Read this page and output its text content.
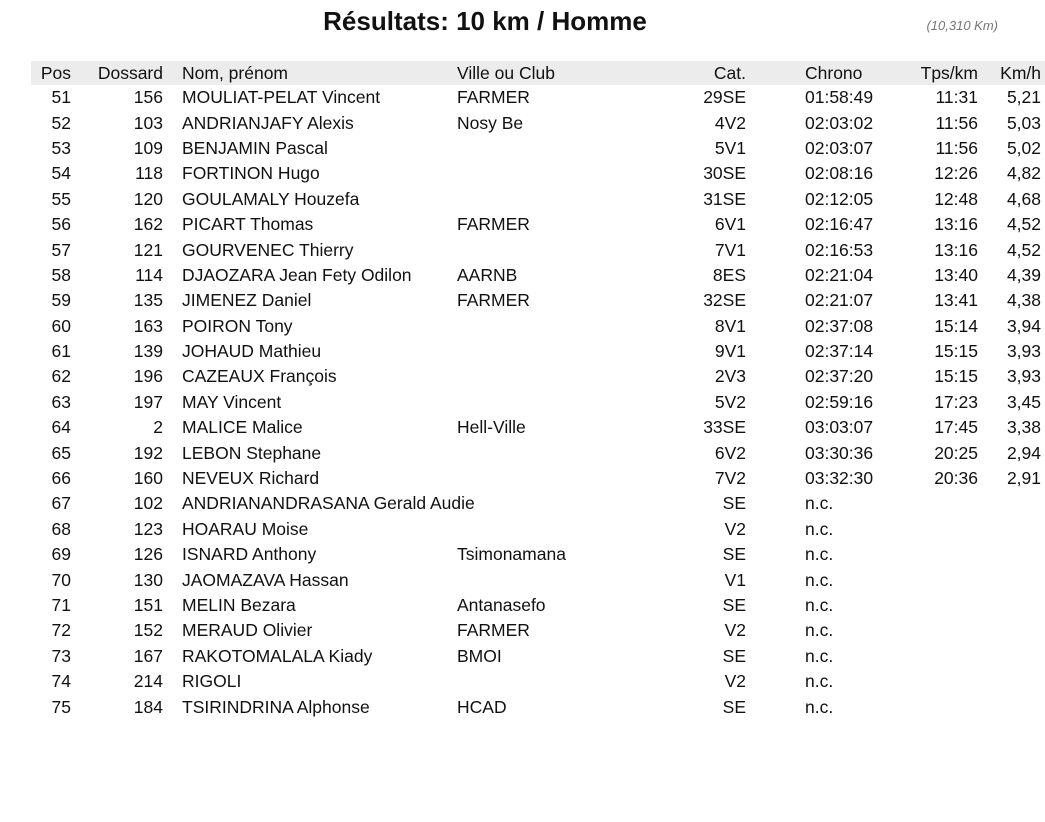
Résultats: 10 km / Homme	(10,310 Km)
Pos	Dossard	Nom, prénom	Ville ou Club	Cat.	Chrono	Tps/km	Km/h
51	156	MOULIAT-PELAT Vincent	FARMER	29SE	01:58:49	11:31	5,21
52	103	ANDRIANJAFY Alexis	Nosy Be	4V2	02:03:02	11:56	5,03
53	109	BENJAMIN Pascal		5V1	02:03:07	11:56	5,02
54	118	FORTINON Hugo		30SE	02:08:16	12:26	4,82
55	120	GOULAMALY Houzefa		31SE	02:12:05	12:48	4,68
56	162	PICART Thomas	FARMER	6V1	02:16:47	13:16	4,52
57	121	GOURVENEC Thierry		7V1	02:16:53	13:16	4,52
58	114	DJAOZARA Jean Fety Odilon	AARNB	8ES	02:21:04	13:40	4,39
59	135	JIMENEZ Daniel	FARMER	32SE	02:21:07	13:41	4,38
60	163	POIRON Tony		8V1	02:37:08	15:14	3,94
61	139	JOHAUD Mathieu		9V1	02:37:14	15:15	3,93
62	196	CAZEAUX François		2V3	02:37:20	15:15	3,93
63	197	MAY Vincent		5V2	02:59:16	17:23	3,45
64	2	MALICE Malice	Hell-Ville	33SE	03:03:07	17:45	3,38
65	192	LEBON Stephane		6V2	03:30:36	20:25	2,94
66	160	NEVEUX Richard		7V2	03:32:30	20:36	2,91
67	102	ANDRIANANDRASANA Gerald Audie		SE	n.c.		
68	123	HOARAU Moise		V2	n.c.		
69	126	ISNARD Anthony	Tsimonamana	SE	n.c.		
70	130	JAOMAZAVA Hassan		V1	n.c.		
71	151	MELIN Bezara	Antanasefo	SE	n.c.		
72	152	MERAUD Olivier	FARMER	V2	n.c.		
73	167	RAKOTOMALALA Kiady	BMOI	SE	n.c.		
74	214	RIGOLI		V2	n.c.		
75	184	TSIRINDRINA Alphonse	HCAD	SE	n.c.		
